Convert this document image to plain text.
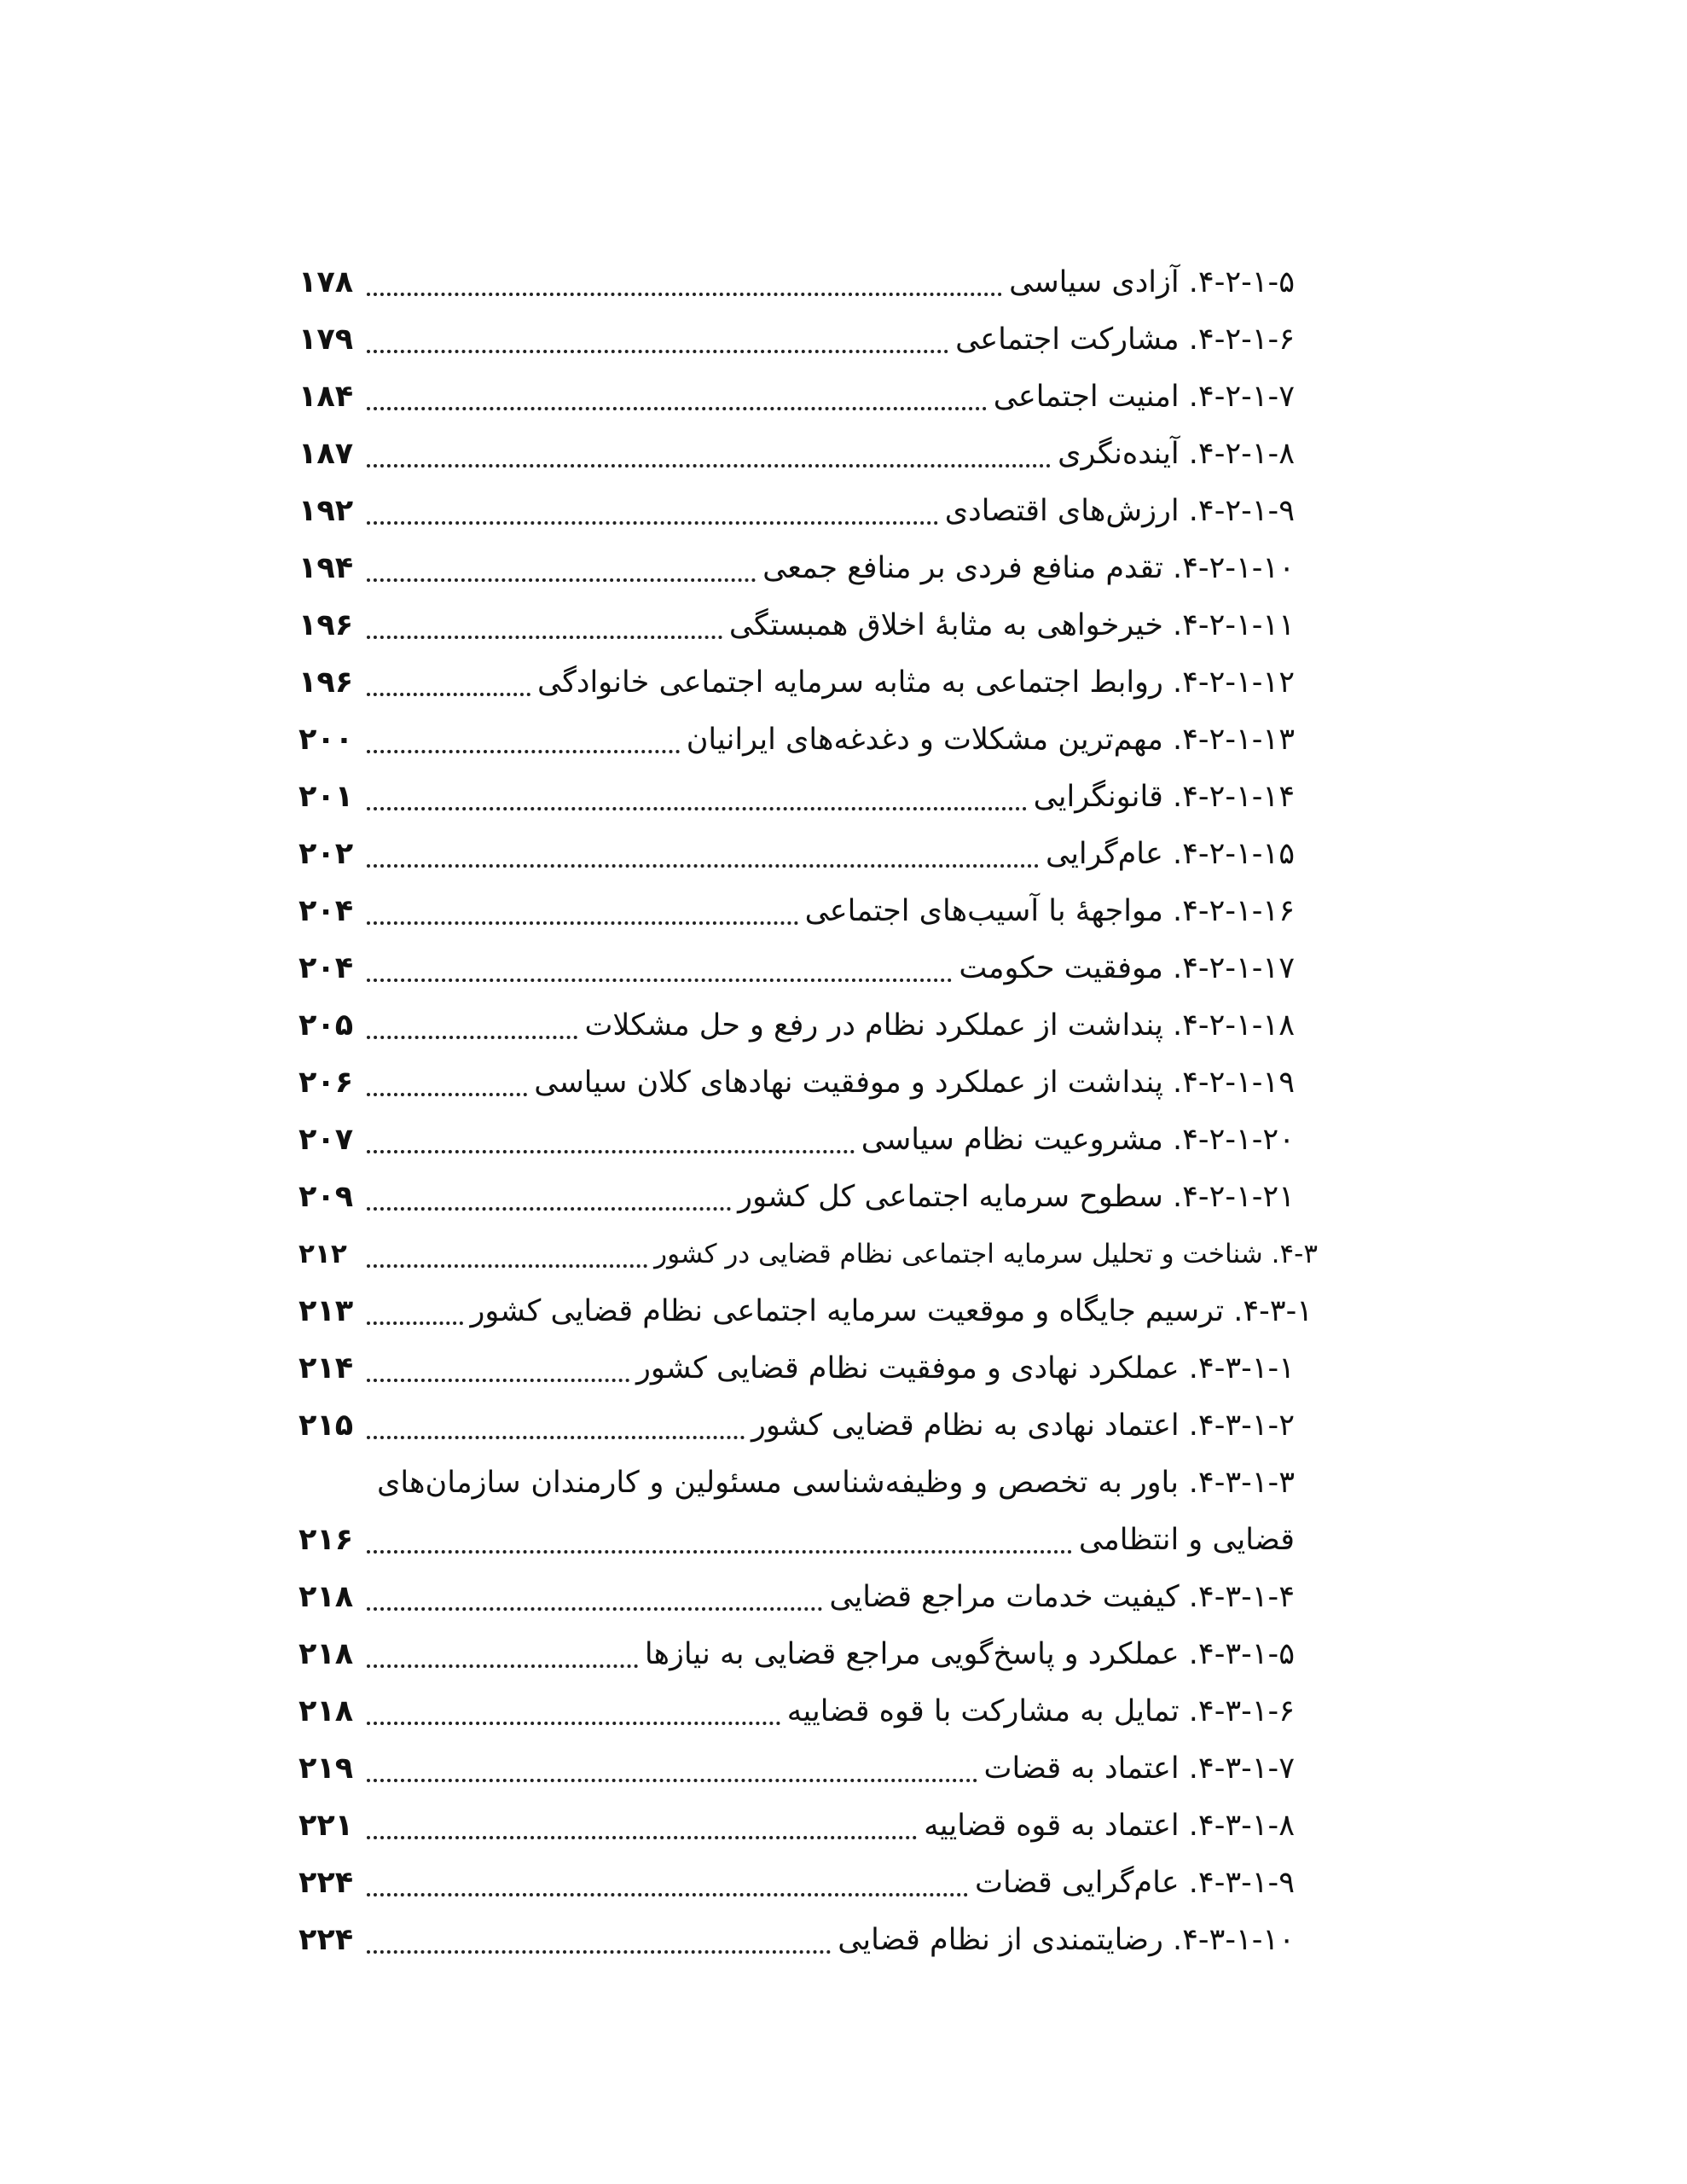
۴-۲-۱-۵. آزادی سیاسی
۱۷۸
۴-۲-۱-۶. مشارکت اجتماعی
۱۷۹
۴-۲-۱-۷. امنیت اجتماعی
۱۸۴
۴-۲-۱-۸. آینده‌نگری
۱۸۷
۴-۲-۱-۹. ارزش‌های اقتصادی
۱۹۲
۴-۲-۱-۱۰. تقدم منافع فردی بر منافع جمعی
۱۹۴
۴-۲-۱-۱۱. خیرخواهی به مثابهٔ اخلاق همبستگی
۱۹۶
۴-۲-۱-۱۲. روابط اجتماعی به مثابه سرمایه اجتماعی خانوادگی
۱۹۶
۴-۲-۱-۱۳. مهم‌ترین مشکلات و دغدغه‌های ایرانیان
۲۰۰
۴-۲-۱-۱۴. قانونگرایی
۲۰۱
۴-۲-۱-۱۵. عام‌گرایی
۲۰۲
۴-۲-۱-۱۶. مواجههٔ با آسیب‌های اجتماعی
۲۰۴
۴-۲-۱-۱۷. موفقیت حکومت
۲۰۴
۴-۲-۱-۱۸. پنداشت از عملکرد نظام در رفع و حل مشکلات
۲۰۵
۴-۲-۱-۱۹. پنداشت از عملکرد و موفقیت نهادهای کلان سیاسی
۲۰۶
۴-۲-۱-۲۰. مشروعیت نظام سیاسی
۲۰۷
۴-۲-۱-۲۱. سطوح سرمایه اجتماعی کل کشور
۲۰۹
۴-۳. شناخت و تحلیل سرمایه اجتماعی نظام قضایی در کشور
۲۱۲
۴-۳-۱. ترسیم جایگاه و موقعیت سرمایه اجتماعی نظام قضایی کشور
۲۱۳
۴-۳-۱-۱. عملکرد نهادی و موفقیت نظام قضایی کشور
۲۱۴
۴-۳-۱-۲. اعتماد نهادی به نظام قضایی کشور
۲۱۵
۴-۳-۱-۳. باور به تخصص و وظیفه‌شناسی مسئولین و کارمندان سازمان‌های
قضایی و انتظامی
۲۱۶
۴-۳-۱-۴. کیفیت خدمات مراجع قضایی
۲۱۸
۴-۳-۱-۵. عملکرد و پاسخ‌گویی مراجع قضایی به نیازها
۲۱۸
۴-۳-۱-۶. تمایل به مشارکت با قوه قضاییه
۲۱۸
۴-۳-۱-۷. اعتماد به قضات
۲۱۹
۴-۳-۱-۸. اعتماد به قوه قضاییه
۲۲۱
۴-۳-۱-۹. عام‌گرایی قضات
۲۲۴
۴-۳-۱-۱۰. رضایتمندی از نظام قضایی
۲۲۴
